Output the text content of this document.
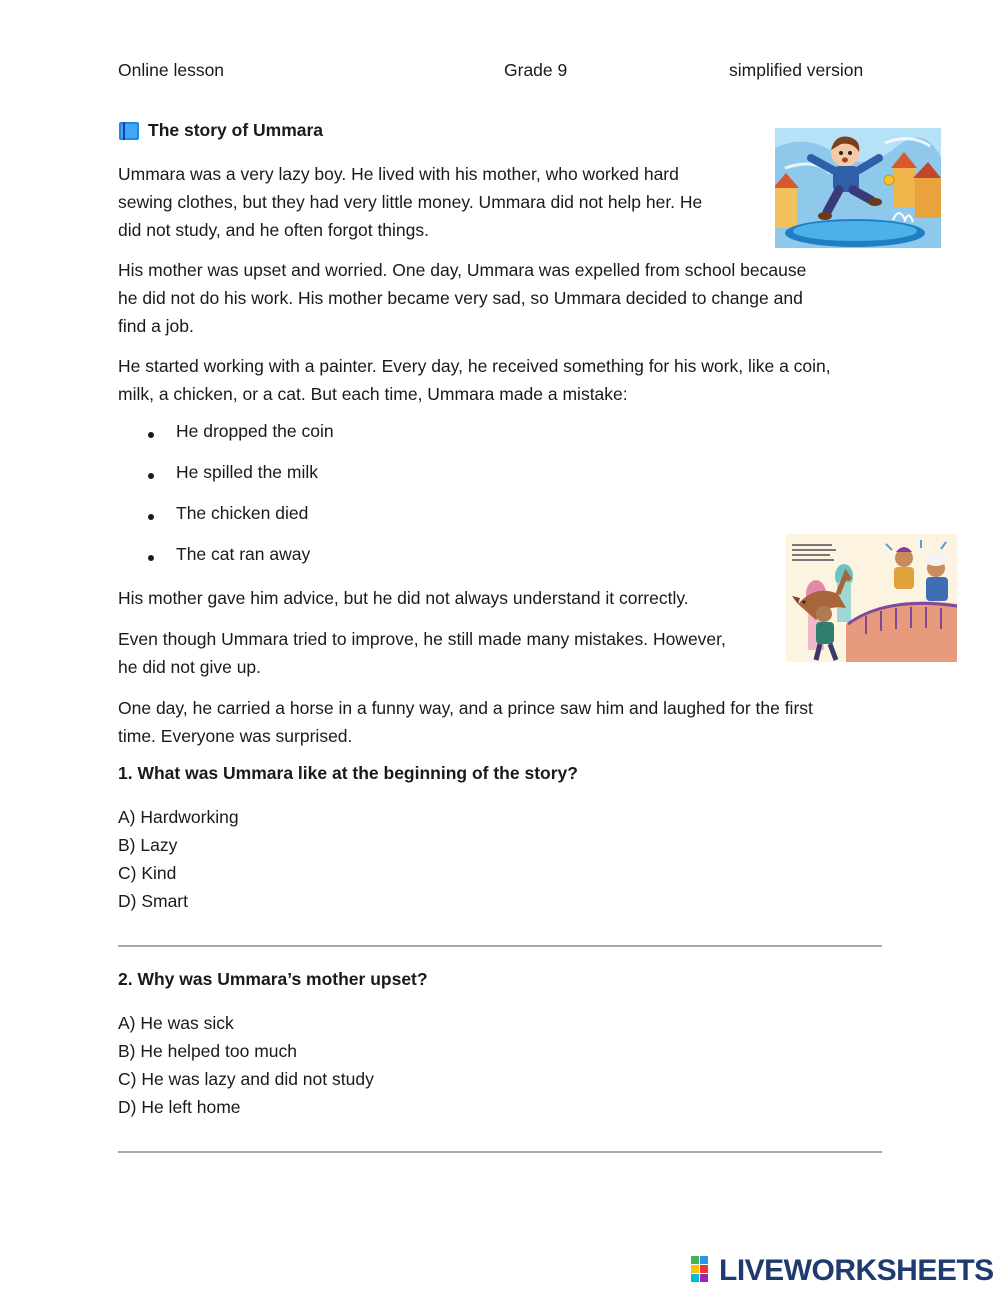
Online lesson	Grade 9	simplified version
The story of Ummara
Ummara was a very lazy boy. He lived with his mother, who worked hard
sewing clothes, but they had very little money. Ummara did not help her. He
did not study, and he often forgot things.
His mother was upset and worried. One day, Ummara was expelled from school because
he did not do his work. His mother became very sad, so Ummara decided to change and
find a job.
He started working with a painter. Every day, he received something for his work, like a coin,
milk, a chicken, or a cat. But each time, Ummara made a mistake:
He dropped the coin
He spilled the milk
The chicken died
The cat ran away
His mother gave him advice, but he did not always understand it correctly.
Even though Ummara tried to improve, he still made many mistakes. However,
he did not give up.
One day, he carried a horse in a funny way, and a prince saw him and laughed for the first
time. Everyone was surprised.
1. What was Ummara like at the beginning of the story?
A) Hardworking
B) Lazy
C) Kind
D) Smart
2. Why was Ummara’s mother upset?
A) He was sick
B) He helped too much
C) He was lazy and did not study
D) He left home
LIVEWORKSHEETS
